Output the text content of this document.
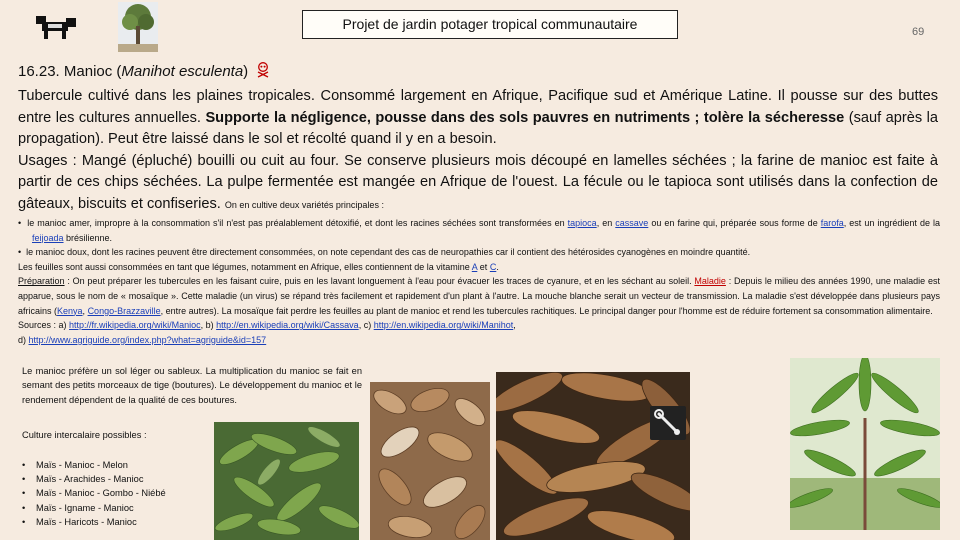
Projet de jardin potager tropical communautaire	69
16.23. Manioc (Manihot esculenta)

Tubercule cultivé dans les plaines tropicales. Consommé largement en Afrique, Pacifique sud et Amérique Latine. Il pousse sur des buttes entre les cultures annuelles. Supporte la négligence, pousse dans des sols pauvres en nutriments ; tolère la sécheresse (sauf après la propagation). Peut être laissé dans le sol et récolté quand il y en a besoin.

Usages : Mangé (épluché) bouilli ou cuit au four. Se conserve plusieurs mois découpé en lamelles séchées ; la farine de manioc est faite à partir de ces chips séchées. La pulpe fermentée est mangée en Afrique de l'ouest. La fécule ou le tapioca sont utilisés dans la confection de gâteaux, biscuits et confiseries. On en cultive deux variétés principales :

•  le manioc amer, impropre à la consommation s'il n'est pas préalablement détoxifié, et dont les racines séchées sont transformées en tapioca, en cassave ou en farine qui, préparée sous forme de farofa, est un ingrédient de la feijoada brésilienne.

•  le manioc doux, dont les racines peuvent être directement consommées, on note cependant des cas de neuropathies car il contient des hétérosides cyanogènes en moindre quantité.

Les feuilles sont aussi consommées en tant que légumes, notamment en Afrique, elles contiennent de la vitamine A et C.

Préparation : On peut préparer les tubercules en les faisant cuire, puis en les lavant longuement à l'eau pour évacuer les traces de cyanure, et en les séchant au soleil. Maladie : Depuis le milieu des années 1990, une maladie est apparue, sous le nom de « mosaïque ». Cette maladie (un virus) se répand très facilement et rapidement d'un plant à l'autre. La mouche blanche serait un vecteur de transmission. La maladie s'est développée dans plusieurs pays africains (Kenya, Congo-Brazzaville, entre autres). La mosaïque fait perdre les feuilles au plant de manioc et rend les tubercules rachitiques. Le principal danger pour l'homme est de réduire fortement sa consommation alimentaire.

Sources : a) http://fr.wikipedia.org/wiki/Manioc, b) http://en.wikipedia.org/wiki/Cassava, c) http://en.wikipedia.org/wiki/Manihot,
d) http://www.agriguide.org/index.php?what=agriguide&id=157

Le manioc préfère un sol léger ou sableux. La multiplication du manioc se fait en semant des petits morceaux de tige (boutures). Le développement du manioc et le rendement dépendent de la qualité de ces boutures.
Culture intercalaire possibles :
• Maïs - Manioc - Melon
• Maïs - Arachides - Manioc
• Maïs - Manioc - Gombo - Niébé
• Maïs - Igname - Manioc
• Maïs - Haricots - Manioc
